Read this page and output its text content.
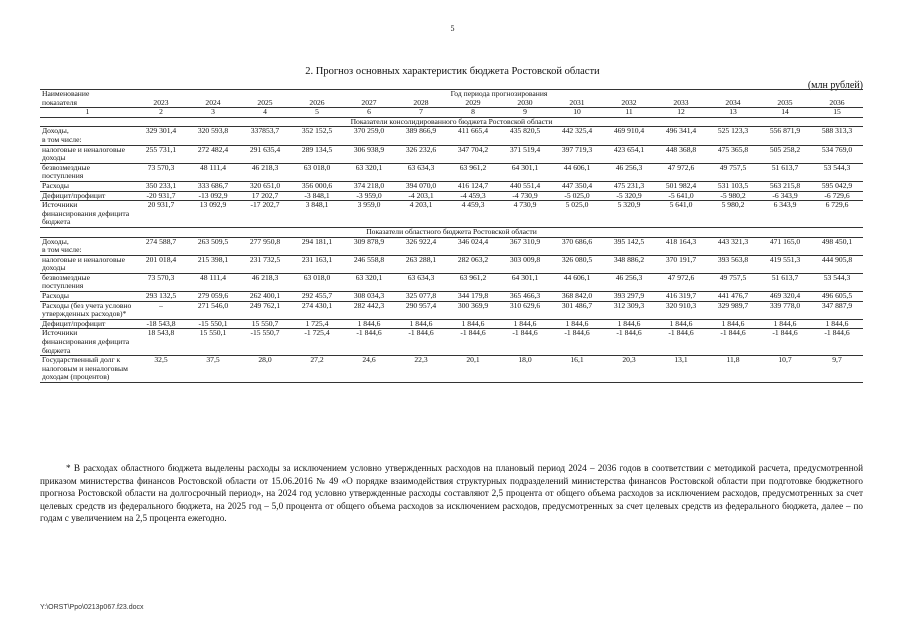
5
2. Прогноз основных характеристик бюджета Ростовской области
(млн рублей)
Наименование	Год периода прогнозирования													
показателя	2023	2024	2025	2026	2027	2028	2029	2030	2031	2032	2033	2034	2035	2036
1	2	3	4	5	6	7	8	9	10	11	12	13	14	15
Показатели консолидированного бюджета Ростовской области														
Доходы,
в том числе:	329 301,4	320 593,8	337853,7	352 152,5	370 259,0	389 866,9	411 665,4	435 820,5	442 325,4	469 910,4	496 341,4	525 123,3	556 871,9	588 313,3
налоговые и неналоговые доходы	255 731,1	272 482,4	291 635,4	289 134,5	306 938,9	326 232,6	347 704,2	371 519,4	397 719,3	423 654,1	448 368,8	475 365,8	505 258,2	534 769,0
безвозмездные поступления	73 570,3	48 111,4	46 218,3	63 018,0	63 320,1	63 634,3	63 961,2	64 301,1	44 606,1	46 256,3	47 972,6	49 757,5	51 613,7	53 544,3
Расходы	350 233,1	333 686,7	320 651,0	356 000,6	374 218,0	394 070,0	416 124,7	440 551,4	447 350,4	475 231,3	501 982,4	531 103,5	563 215,8	595 042,9
Дефицит/профицит	-20 931,7	-13 092,9	17 202,7	-3 848,1	-3 959,0	-4 203,1	-4 459,3	-4 730,9	-5 025,0	-5 320,9	-5 641,0	-5 980,2	-6 343,9	-6 729,6
Источники финансирования дефицита бюджета	20 931,7	13 092,9	-17 202,7	3 848,1	3 959,0	4 203,1	4 459,3	4 730,9	5 025,0	5 320,9	5 641,0	5 980,2	6 343,9	6 729,6
Показатели областного бюджета Ростовской области														
Доходы,
в том числе:	274 588,7	263 509,5	277 950,8	294 181,1	309 878,9	326 922,4	346 024,4	367 310,9	370 686,6	395 142,5	418 164,3	443 321,3	471 165,0	498 450,1
налоговые и неналоговые доходы	201 018,4	215 398,1	231 732,5	231 163,1	246 558,8	263 288,1	282 063,2	303 009,8	326 080,5	348 886,2	370 191,7	393 563,8	419 551,3	444 905,8
безвозмездные поступления	73 570,3	48 111,4	46 218,3	63 018,0	63 320,1	63 634,3	63 961,2	64 301,1	44 606,1	46 256,3	47 972,6	49 757,5	51 613,7	53 544,3
Расходы	293 132,5	279 059,6	262 400,1	292 455,7	308 034,3	325 077,8	344 179,8	365 466,3	368 842,0	393 297,9	416 319,7	441 476,7	469 320,4	496 605,5
Расходы (без учета условно утвержденных расходов)*	–	271 546,0	249 762,1	274 430,1	282 442,3	290 957,4	300 369,9	310 629,6	301 486,7	312 309,3	320 910,3	329 989,7	339 778,0	347 887,9
Дефицит/профицит	-18 543,8	-15 550,1	15 550,7	1 725,4	1 844,6	1 844,6	1 844,6	1 844,6	1 844,6	1 844,6	1 844,6	1 844,6	1 844,6	1 844,6
Источники финансирования дефицита бюджета	18 543,8	15 550,1	-15 550,7	-1 725,4	-1 844,6	-1 844,6	-1 844,6	-1 844,6	-1 844,6	-1 844,6	-1 844,6	-1 844,6	-1 844,6	-1 844,6
Государственный долг к налоговым и неналоговым доходам (процентов)	32,5	37,5	28,0	27,2	24,6	22,3	20,1	18,0	16,1	20,3	13,1	11,8	10,7	9,7
* В расходах областного бюджета выделены расходы за исключением условно утвержденных расходов на плановый период 2024 – 2036 годов в соответствии с методикой расчета, предусмотренной приказом министерства финансов Ростовской области от 15.06.2016 № 49 «О порядке взаимодействия структурных подразделений министерства финансов Ростовской области при подготовке бюджетного прогноза Ростовской области на долгосрочный период», на 2024 год условно утвержденные расходы составляют 2,5 процента от общего объема расходов за исключением расходов, предусмотренных за счет целевых средств из федерального бюджета, на 2025 год – 5,0 процента от общего объема расходов за исключением расходов, предусмотренных за счет целевых средств из федерального бюджета, далее – по годам с увеличением на 2,5 процента ежегодно.
Y:\ORST\Ppo\0213p067.f23.docx
